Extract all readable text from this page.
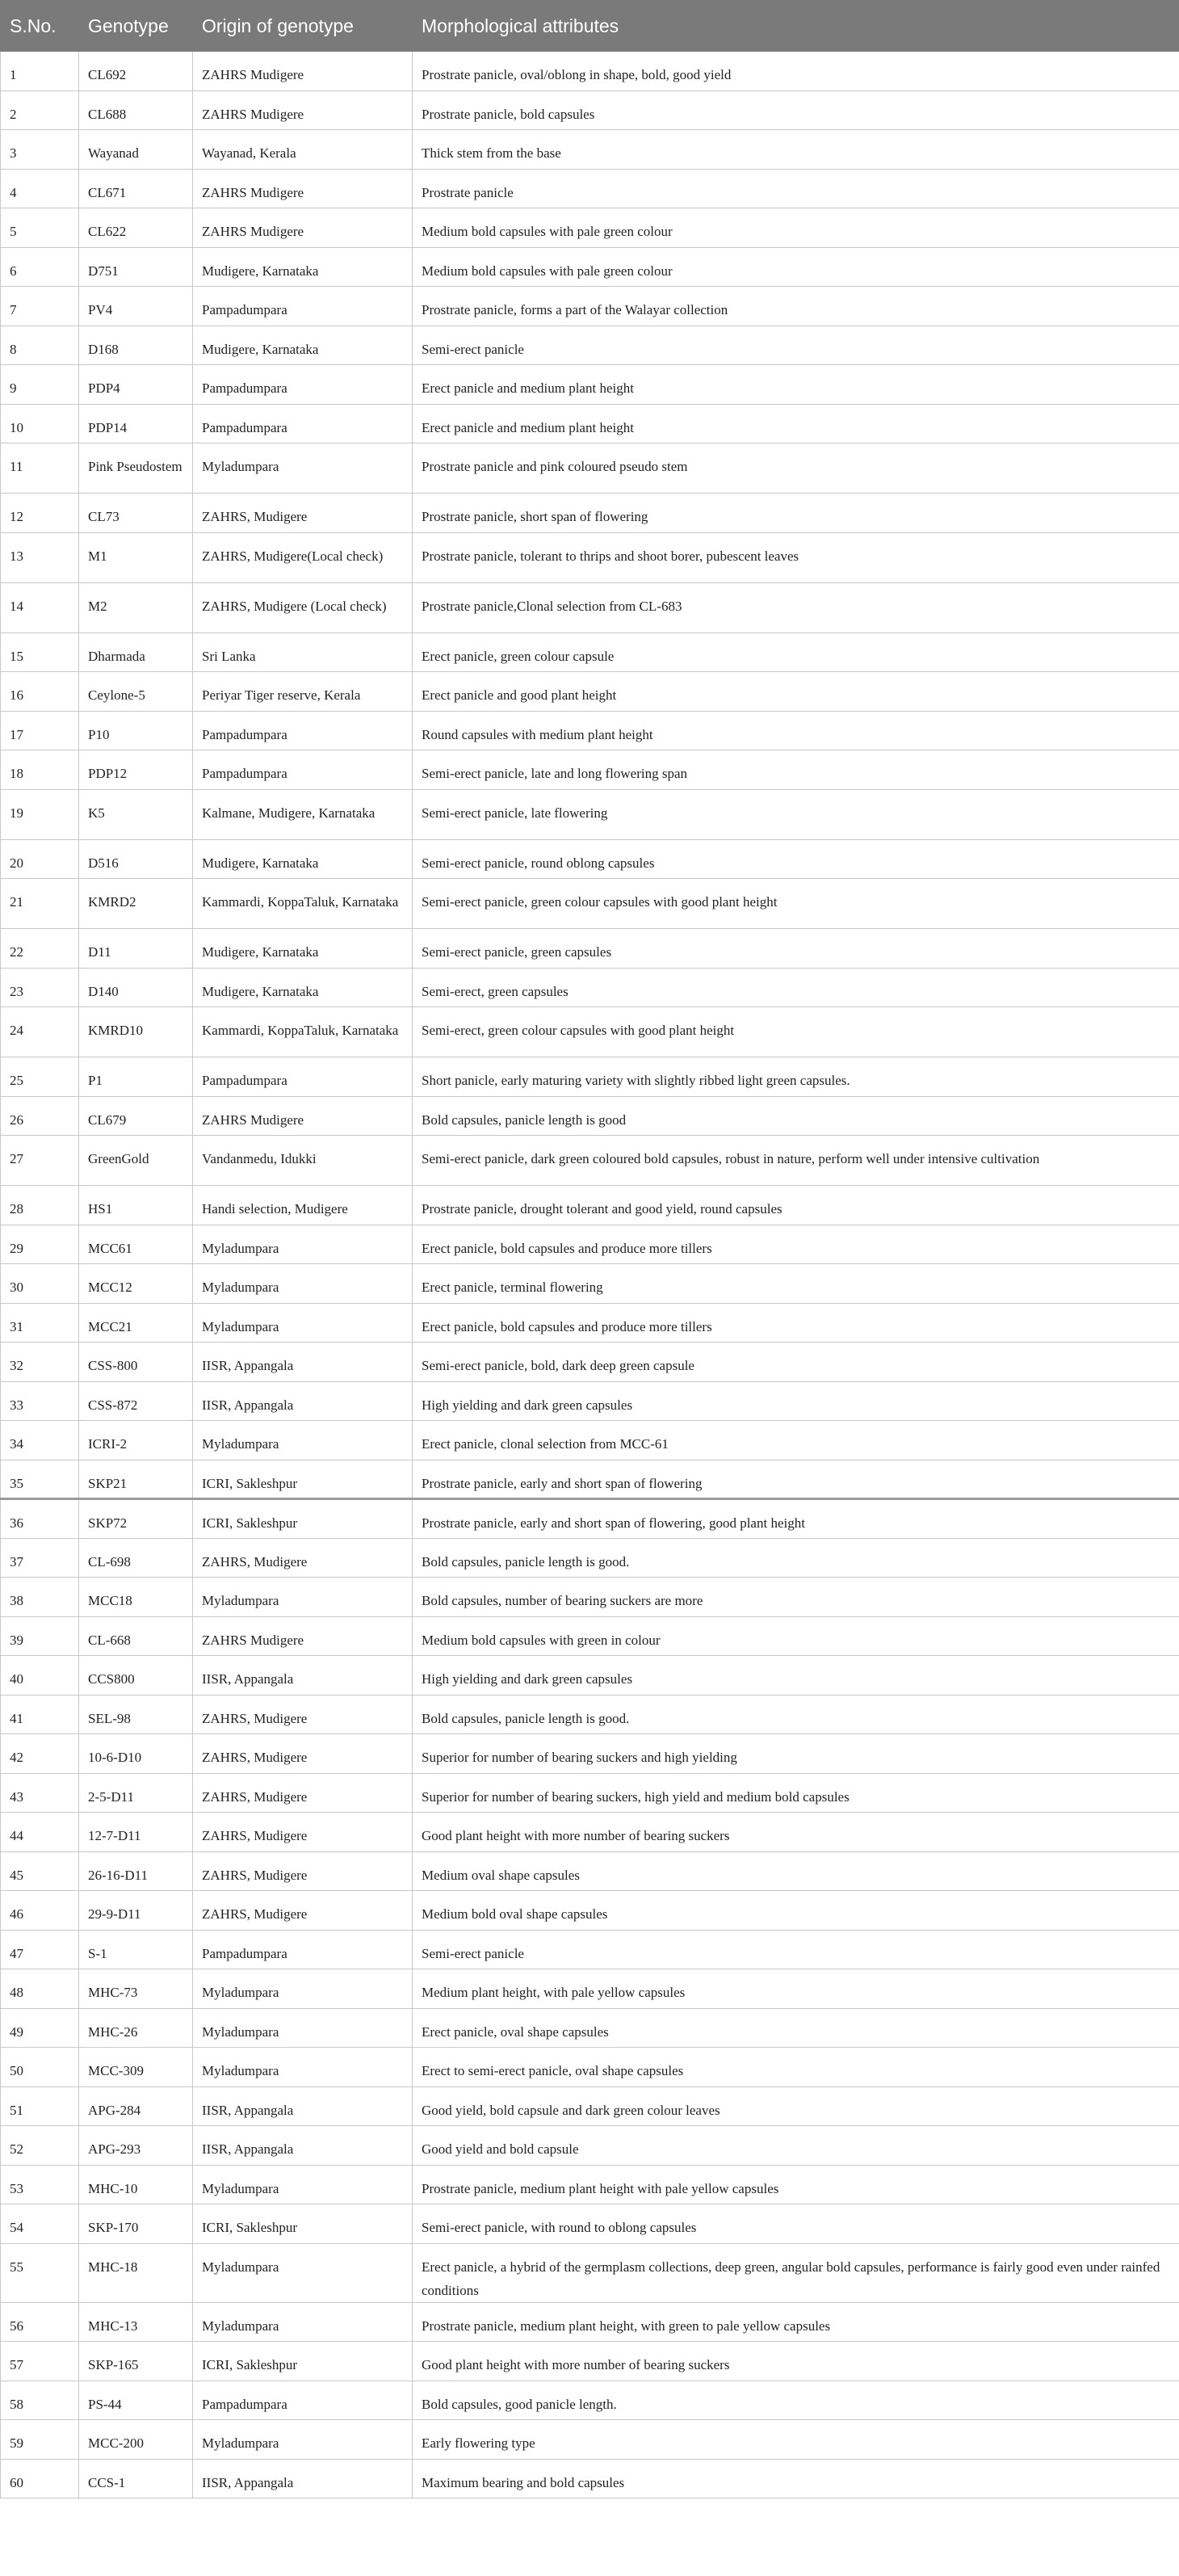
S.No.	Genotype	Origin of genotype	Morphological attributes
1	CL692	ZAHRS Mudigere	Prostrate panicle, oval/oblong in shape, bold, good yield
2	CL688	ZAHRS Mudigere	Prostrate panicle, bold capsules
3	Wayanad	Wayanad, Kerala	Thick stem from the base
4	CL671	ZAHRS Mudigere	Prostrate panicle
5	CL622	ZAHRS Mudigere	Medium bold capsules with pale green colour
6	D751	Mudigere, Karnataka	Medium bold capsules with pale green colour
7	PV4	Pampadumpara	Prostrate panicle, forms a part of the Walayar collection
8	D168	Mudigere, Karnataka	Semi-erect panicle
9	PDP4	Pampadumpara	Erect panicle and medium plant height
10	PDP14	Pampadumpara	Erect panicle and medium plant height
11	Pink Pseudostem	Myladumpara	Prostrate panicle and pink coloured pseudo stem
12	CL73	ZAHRS, Mudigere	Prostrate panicle, short span of flowering
13	M1	ZAHRS, Mudigere(Local check)	Prostrate panicle, tolerant to thrips and shoot borer, pubescent leaves
14	M2	ZAHRS, Mudigere (Local check)	Prostrate panicle,Clonal selection from CL-683
15	Dharmada	Sri Lanka	Erect panicle, green colour capsule
16	Ceylone-5	Periyar Tiger reserve, Kerala	Erect panicle and good plant height
17	P10	Pampadumpara	Round capsules with medium plant height
18	PDP12	Pampadumpara	Semi-erect panicle, late and long flowering span
19	K5	Kalmane, Mudigere, Karnataka	Semi-erect panicle, late flowering
20	D516	Mudigere, Karnataka	Semi-erect panicle, round oblong capsules
21	KMRD2	Kammardi, KoppaTaluk, Karnataka	Semi-erect panicle, green colour capsules with good plant height
22	D11	Mudigere, Karnataka	Semi-erect panicle, green capsules
23	D140	Mudigere, Karnataka	Semi-erect, green capsules
24	KMRD10	Kammardi, KoppaTaluk, Karnataka	Semi-erect, green colour capsules with good plant height
25	P1	Pampadumpara	Short panicle, early maturing variety with slightly ribbed light green capsules.
26	CL679	ZAHRS Mudigere	Bold capsules, panicle length is good
27	GreenGold	Vandanmedu, Idukki	Semi-erect panicle, dark green coloured bold capsules, robust in nature, perform well under intensive cultivation
28	HS1	Handi selection, Mudigere	Prostrate panicle, drought tolerant and good yield, round capsules
29	MCC61	Myladumpara	Erect panicle, bold capsules and produce more tillers
30	MCC12	Myladumpara	Erect panicle, terminal flowering
31	MCC21	Myladumpara	Erect panicle, bold capsules and produce more tillers
32	CSS-800	IISR, Appangala	Semi-erect panicle, bold, dark deep green capsule
33	CSS-872	IISR, Appangala	High yielding and dark green capsules
34	ICRI-2	Myladumpara	Erect panicle, clonal selection from MCC-61
35	SKP21	ICRI, Sakleshpur	Prostrate panicle, early and short span of flowering
36	SKP72	ICRI, Sakleshpur	Prostrate panicle, early and short span of flowering, good plant height
37	CL-698	ZAHRS, Mudigere	Bold capsules, panicle length is good.
38	MCC18	Myladumpara	Bold capsules, number of bearing suckers are more
39	CL-668	ZAHRS Mudigere	Medium bold capsules with green in colour
40	CCS800	IISR, Appangala	High yielding and dark green capsules
41	SEL-98	ZAHRS, Mudigere	Bold capsules, panicle length is good.
42	10-6-D10	ZAHRS, Mudigere	Superior for number of bearing suckers and high yielding
43	2-5-D11	ZAHRS, Mudigere	Superior for number of bearing suckers, high yield and medium bold capsules
44	12-7-D11	ZAHRS, Mudigere	Good plant height with more number of bearing suckers
45	26-16-D11	ZAHRS, Mudigere	Medium oval shape capsules
46	29-9-D11	ZAHRS, Mudigere	Medium bold oval shape capsules
47	S-1	Pampadumpara	Semi-erect panicle
48	MHC-73	Myladumpara	Medium plant height, with pale yellow capsules
49	MHC-26	Myladumpara	Erect panicle, oval shape capsules
50	MCC-309	Myladumpara	Erect to semi-erect panicle, oval shape capsules
51	APG-284	IISR, Appangala	Good yield, bold capsule and dark green colour leaves
52	APG-293	IISR, Appangala	Good yield and bold capsule
53	MHC-10	Myladumpara	Prostrate panicle, medium plant height with pale yellow capsules
54	SKP-170	ICRI, Sakleshpur	Semi-erect panicle, with round to oblong capsules
55	MHC-18	Myladumpara	Erect panicle, a hybrid of the germplasm collections, deep green, angular bold capsules, performance is fairly good even under rainfed conditions
56	MHC-13	Myladumpara	Prostrate panicle, medium plant height, with green to pale yellow capsules
57	SKP-165	ICRI, Sakleshpur	Good plant height with more number of bearing suckers
58	PS-44	Pampadumpara	Bold capsules, good panicle length.
59	MCC-200	Myladumpara	Early flowering type
60	CCS-1	IISR, Appangala	Maximum bearing and bold capsules
